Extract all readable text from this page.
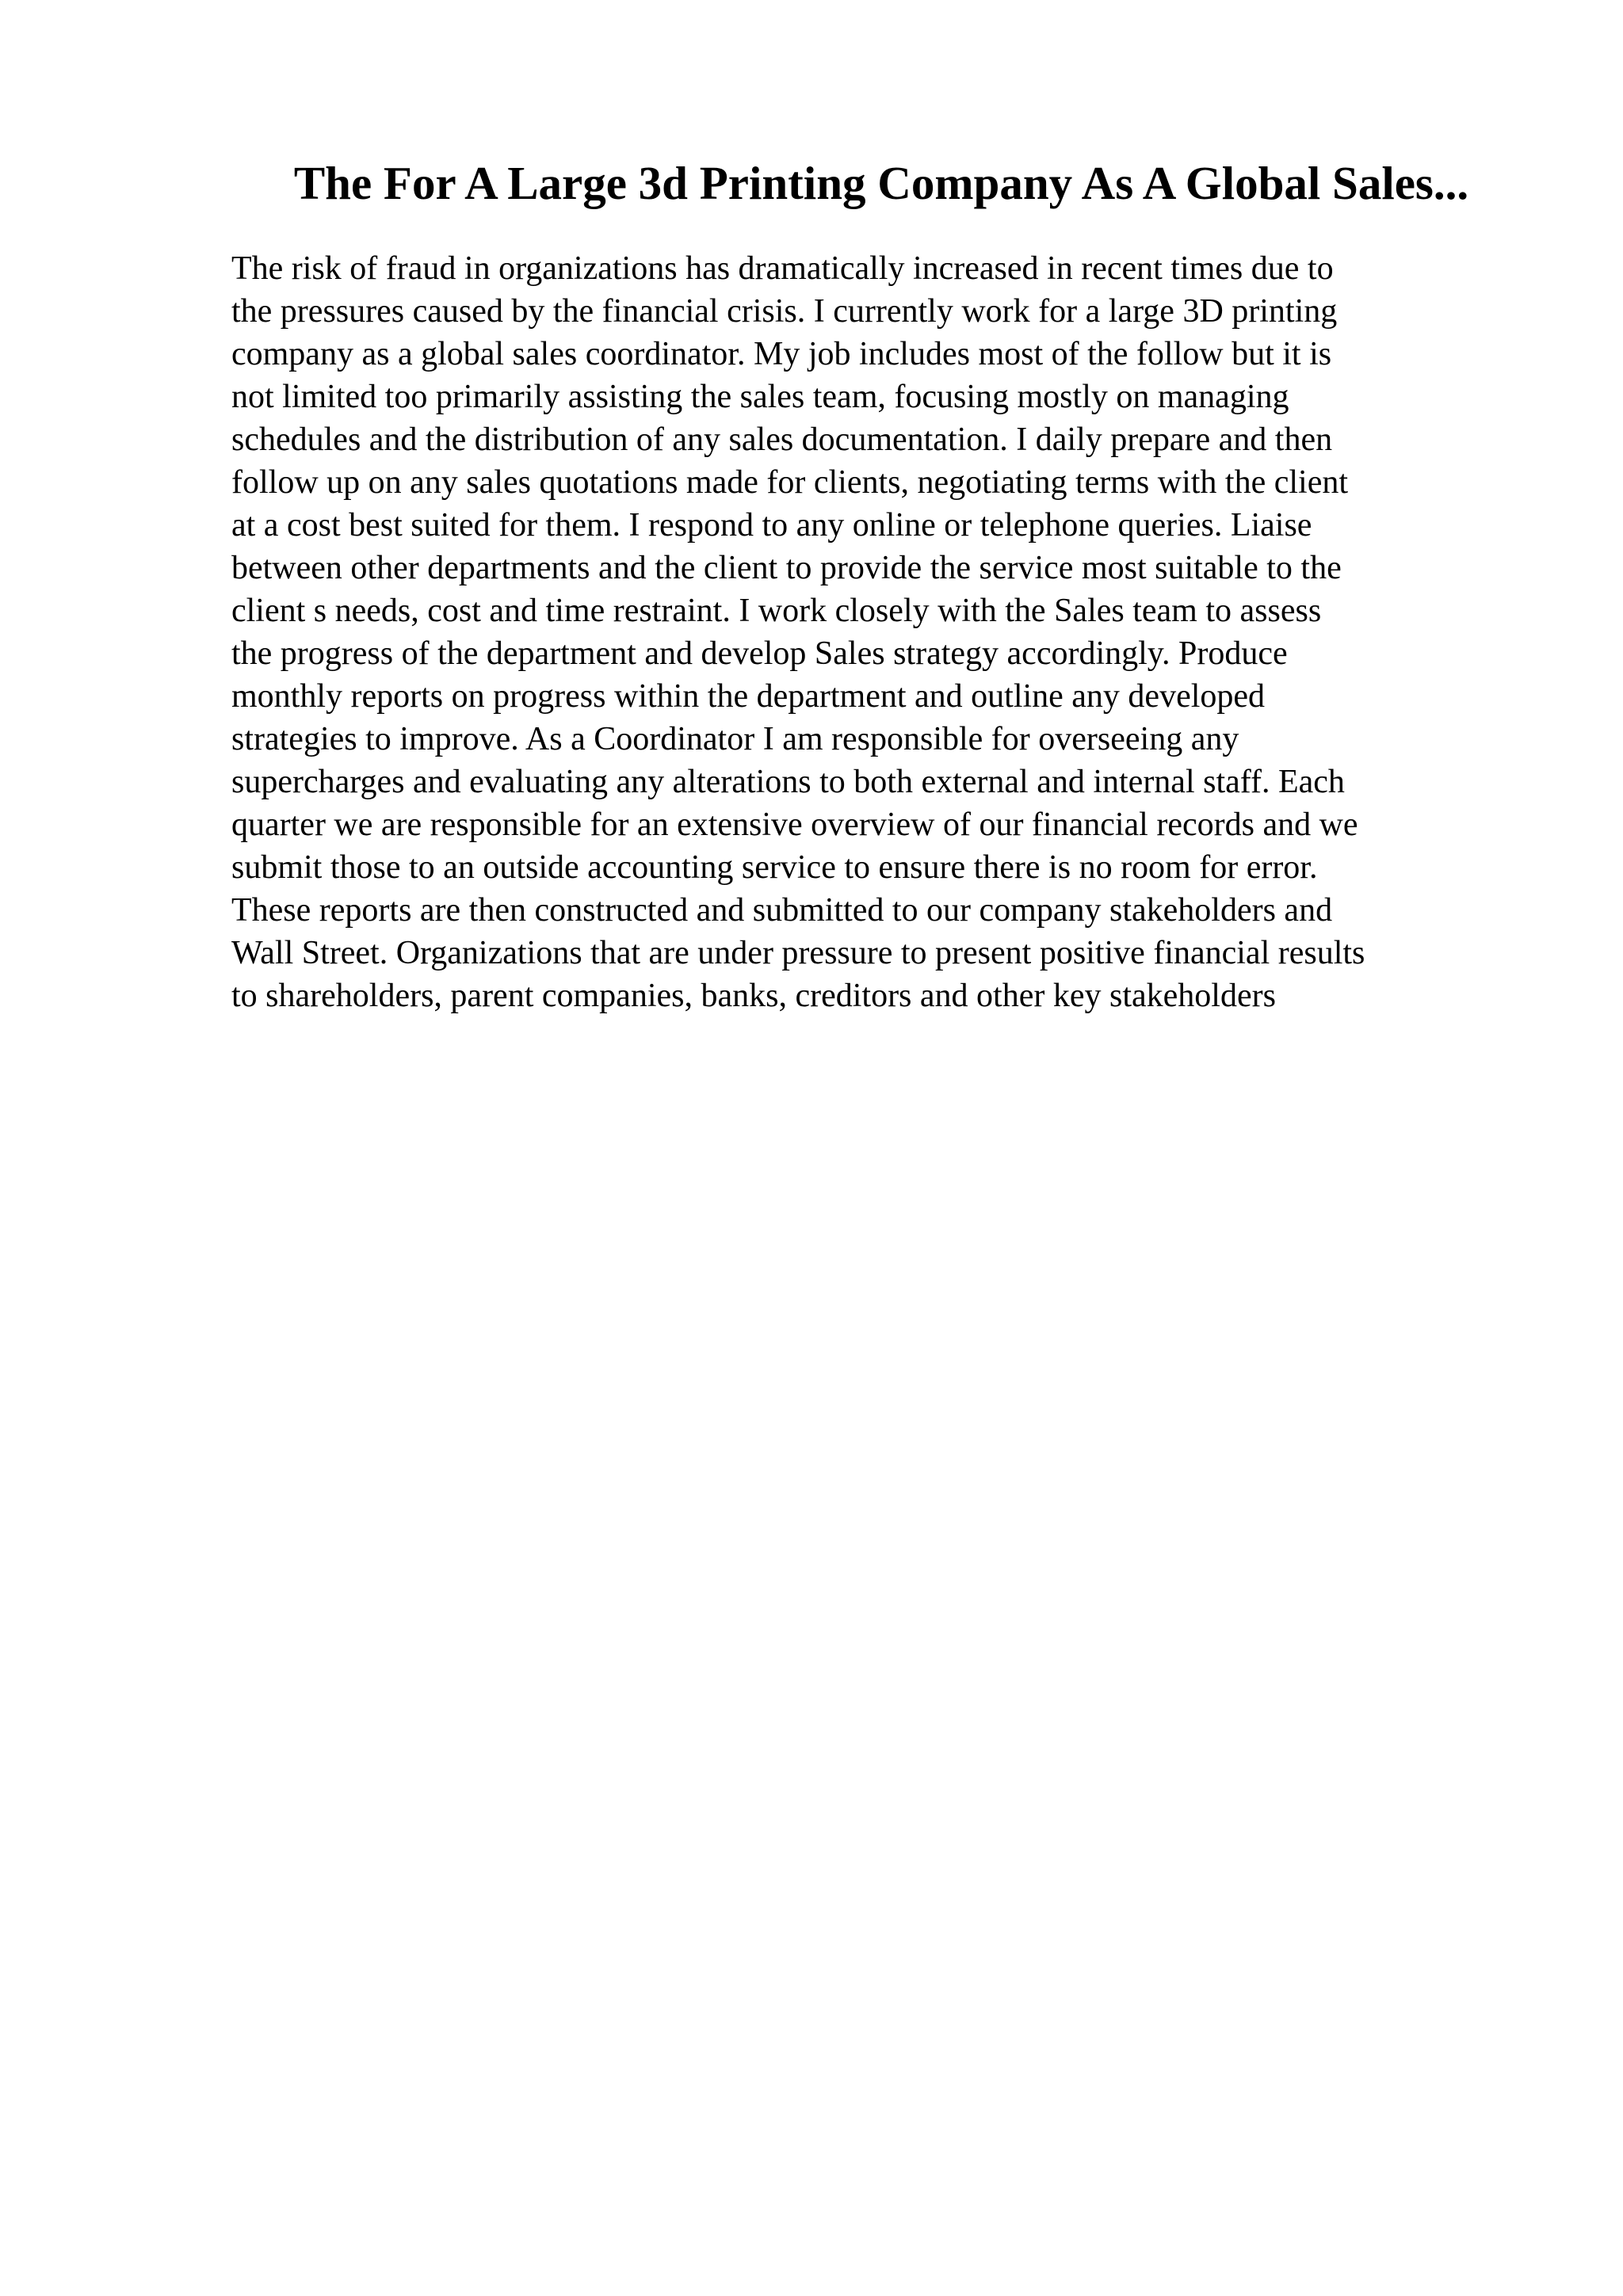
The For A Large 3d Printing Company As A Global Sales...
The risk of fraud in organizations has dramatically increased in recent times due to
the pressures caused by the financial crisis. I currently work for a large 3D printing
company as a global sales coordinator. My job includes most of the follow but it is
not limited too primarily assisting the sales team, focusing mostly on managing
schedules and the distribution of any sales documentation. I daily prepare and then
follow up on any sales quotations made for clients, negotiating terms with the client
at a cost best suited for them. I respond to any online or telephone queries. Liaise
between other departments and the client to provide the service most suitable to the
client s needs, cost and time restraint. I work closely with the Sales team to assess
the progress of the department and develop Sales strategy accordingly. Produce
monthly reports on progress within the department and outline any developed
strategies to improve. As a Coordinator I am responsible for overseeing any
supercharges and evaluating any alterations to both external and internal staff. Each
quarter we are responsible for an extensive overview of our financial records and we
submit those to an outside accounting service to ensure there is no room for error.
These reports are then constructed and submitted to our company stakeholders and
Wall Street. Organizations that are under pressure to present positive financial results
to shareholders, parent companies, banks, creditors and other key stakeholders
